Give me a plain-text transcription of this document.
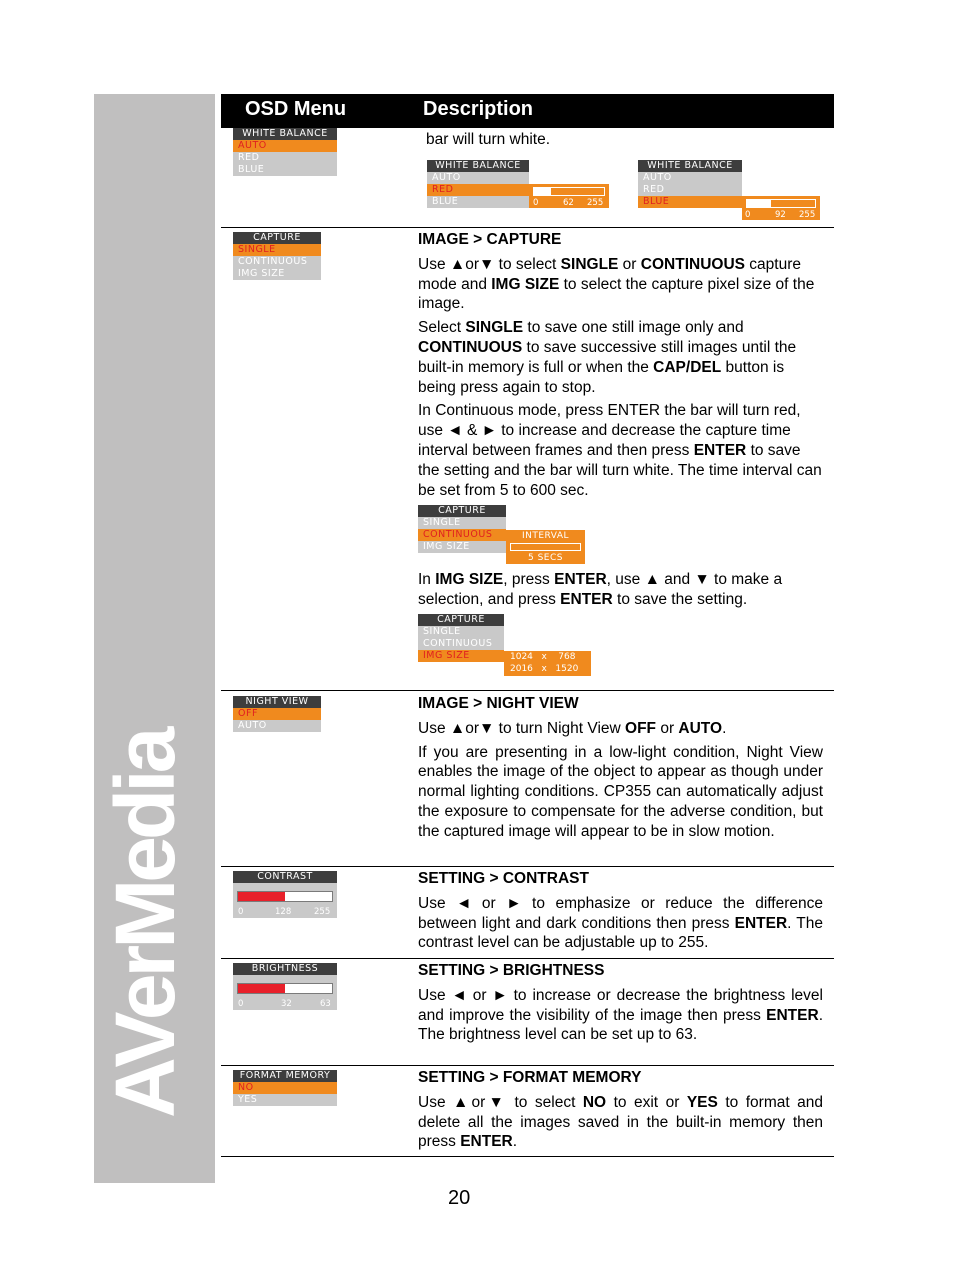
AVerMedia
OSD Menu	Description
WHITE BALANCE
AUTO
RED
BLUE
bar will turn white.
WHITE BALANCE
AUTO
RED
BLUE	0	62 255
WHITE BALANCE
AUTO
RED
BLUE
0	92 255
CAPTURE
SINGLE
CONTINUOUS
IMG SIZE

IMAGE > CAPTURE

Use ▲or▼ to select SINGLE or CONTINUOUS capture mode and IMG SIZE to select the capture pixel size of the image.

Select SINGLE to save one still image only and CONTINUOUS to save successive still images until the built-in memory is full or when the CAP/DEL button is being press again to stop.

In Continuous mode, press ENTER the bar will turn red, use ◄ & ► to increase and decrease the capture time interval between frames and then press ENTER to save the setting and the bar will turn white. The time interval can be set from 5 to 600 sec.

CAPTURE
SINGLE
CONTINUOUS
IMG SIZE
INTERVAL
5 SECS

In IMG SIZE, press ENTER, use ▲ and ▼ to make a selection, and press ENTER to save the setting.

CAPTURE
SINGLE
CONTINUOUS
IMG SIZE	1024   x    768
2016   x   1520
NIGHT VIEW
OFF
AUTO

IMAGE > NIGHT VIEW

Use ▲or▼ to turn Night View OFF or AUTO.

If you are presenting in a low-light condition, Night View enables the image of the object to appear as though under normal lighting conditions. CP355 can automatically adjust the exposure to compensate for the adverse condition, but the captured image will appear to be in slow motion.

CONTRAST
0	128	255

SETTING > CONTRAST

Use ◄ or ► to emphasize or reduce the difference between light and dark conditions then press ENTER. The contrast level can be adjustable up to 255.

BRIGHTNESS
0	32	63

SETTING > BRIGHTNESS

Use ◄ or ► to increase or decrease the brightness level and improve the visibility of the image then press ENTER. The brightness level can be set up to 63.

FORMAT MEMORY
NO
YES

SETTING > FORMAT MEMORY

Use ▲or▼ to select NO to exit or YES to format and delete all the images saved in the built-in memory then press ENTER.

20
